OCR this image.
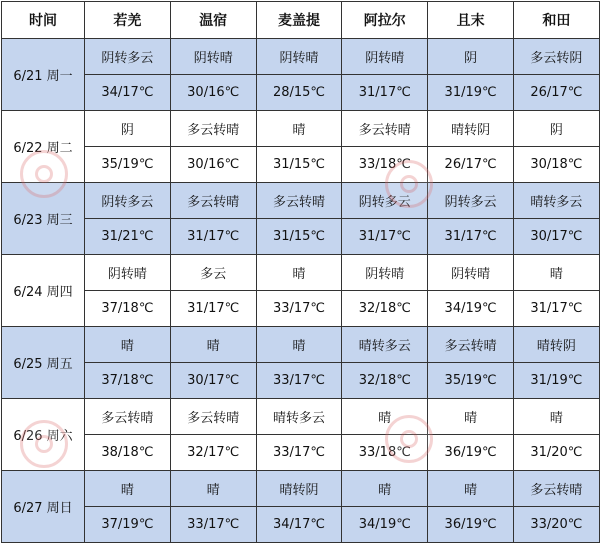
时间	若羌	温宿	麦盖提	阿拉尔	且末	和田
6/21 周一	阴转多云	阴转晴	阴转晴	阴转晴	阴	多云转阴
	34/17℃	30/16℃	28/15℃	31/17℃	31/19℃	26/17℃
6/22 周二	阴	多云转晴	晴	多云转晴	晴转阴	阴
	35/19℃	30/16℃	31/15℃	33/18℃	26/17℃	30/18℃
6/23 周三	阴转多云	多云转晴	多云转晴	阴转多云	阴转多云	晴转多云
	31/21℃	31/17℃	31/15℃	31/17℃	31/17℃	30/17℃
6/24 周四	阴转晴	多云	晴	阴转晴	阴转晴	晴
	37/18℃	31/17℃	33/17℃	32/18℃	34/19℃	31/17℃
6/25 周五	晴	晴	晴	晴转多云	多云转晴	晴转阴
	37/18℃	30/17℃	33/17℃	32/18℃	35/19℃	31/19℃
6/26 周六	多云转晴	多云转晴	晴转多云	晴	晴	晴
	38/18℃	32/17℃	33/17℃	33/18℃	36/19℃	31/20℃
6/27 周日	晴	晴	晴转阴	晴	晴	多云转晴
	37/19℃	33/17℃	34/17℃	34/19℃	36/19℃	33/20℃
